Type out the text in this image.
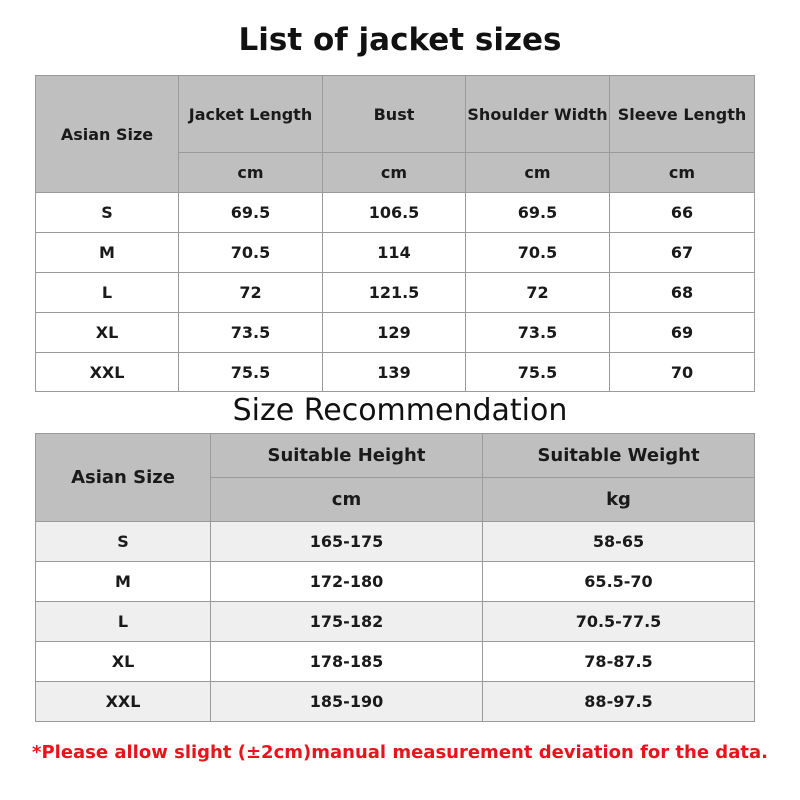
List of jacket sizes
Asian Size	Jacket Length	Bust	Shoulder Width	Sleeve Length
	cm	cm	cm	cm
S	69.5	106.5	69.5	66
M	70.5	114	70.5	67
L	72	121.5	72	68
XL	73.5	129	73.5	69
XXL	75.5	139	75.5	70
Size Recommendation
Asian Size	Suitable Height	Suitable Weight
	cm	kg
S	165-175	58-65
M	172-180	65.5-70
L	175-182	70.5-77.5
XL	178-185	78-87.5
XXL	185-190	88-97.5
*Please allow slight (±2cm)manual measurement deviation for the data.
